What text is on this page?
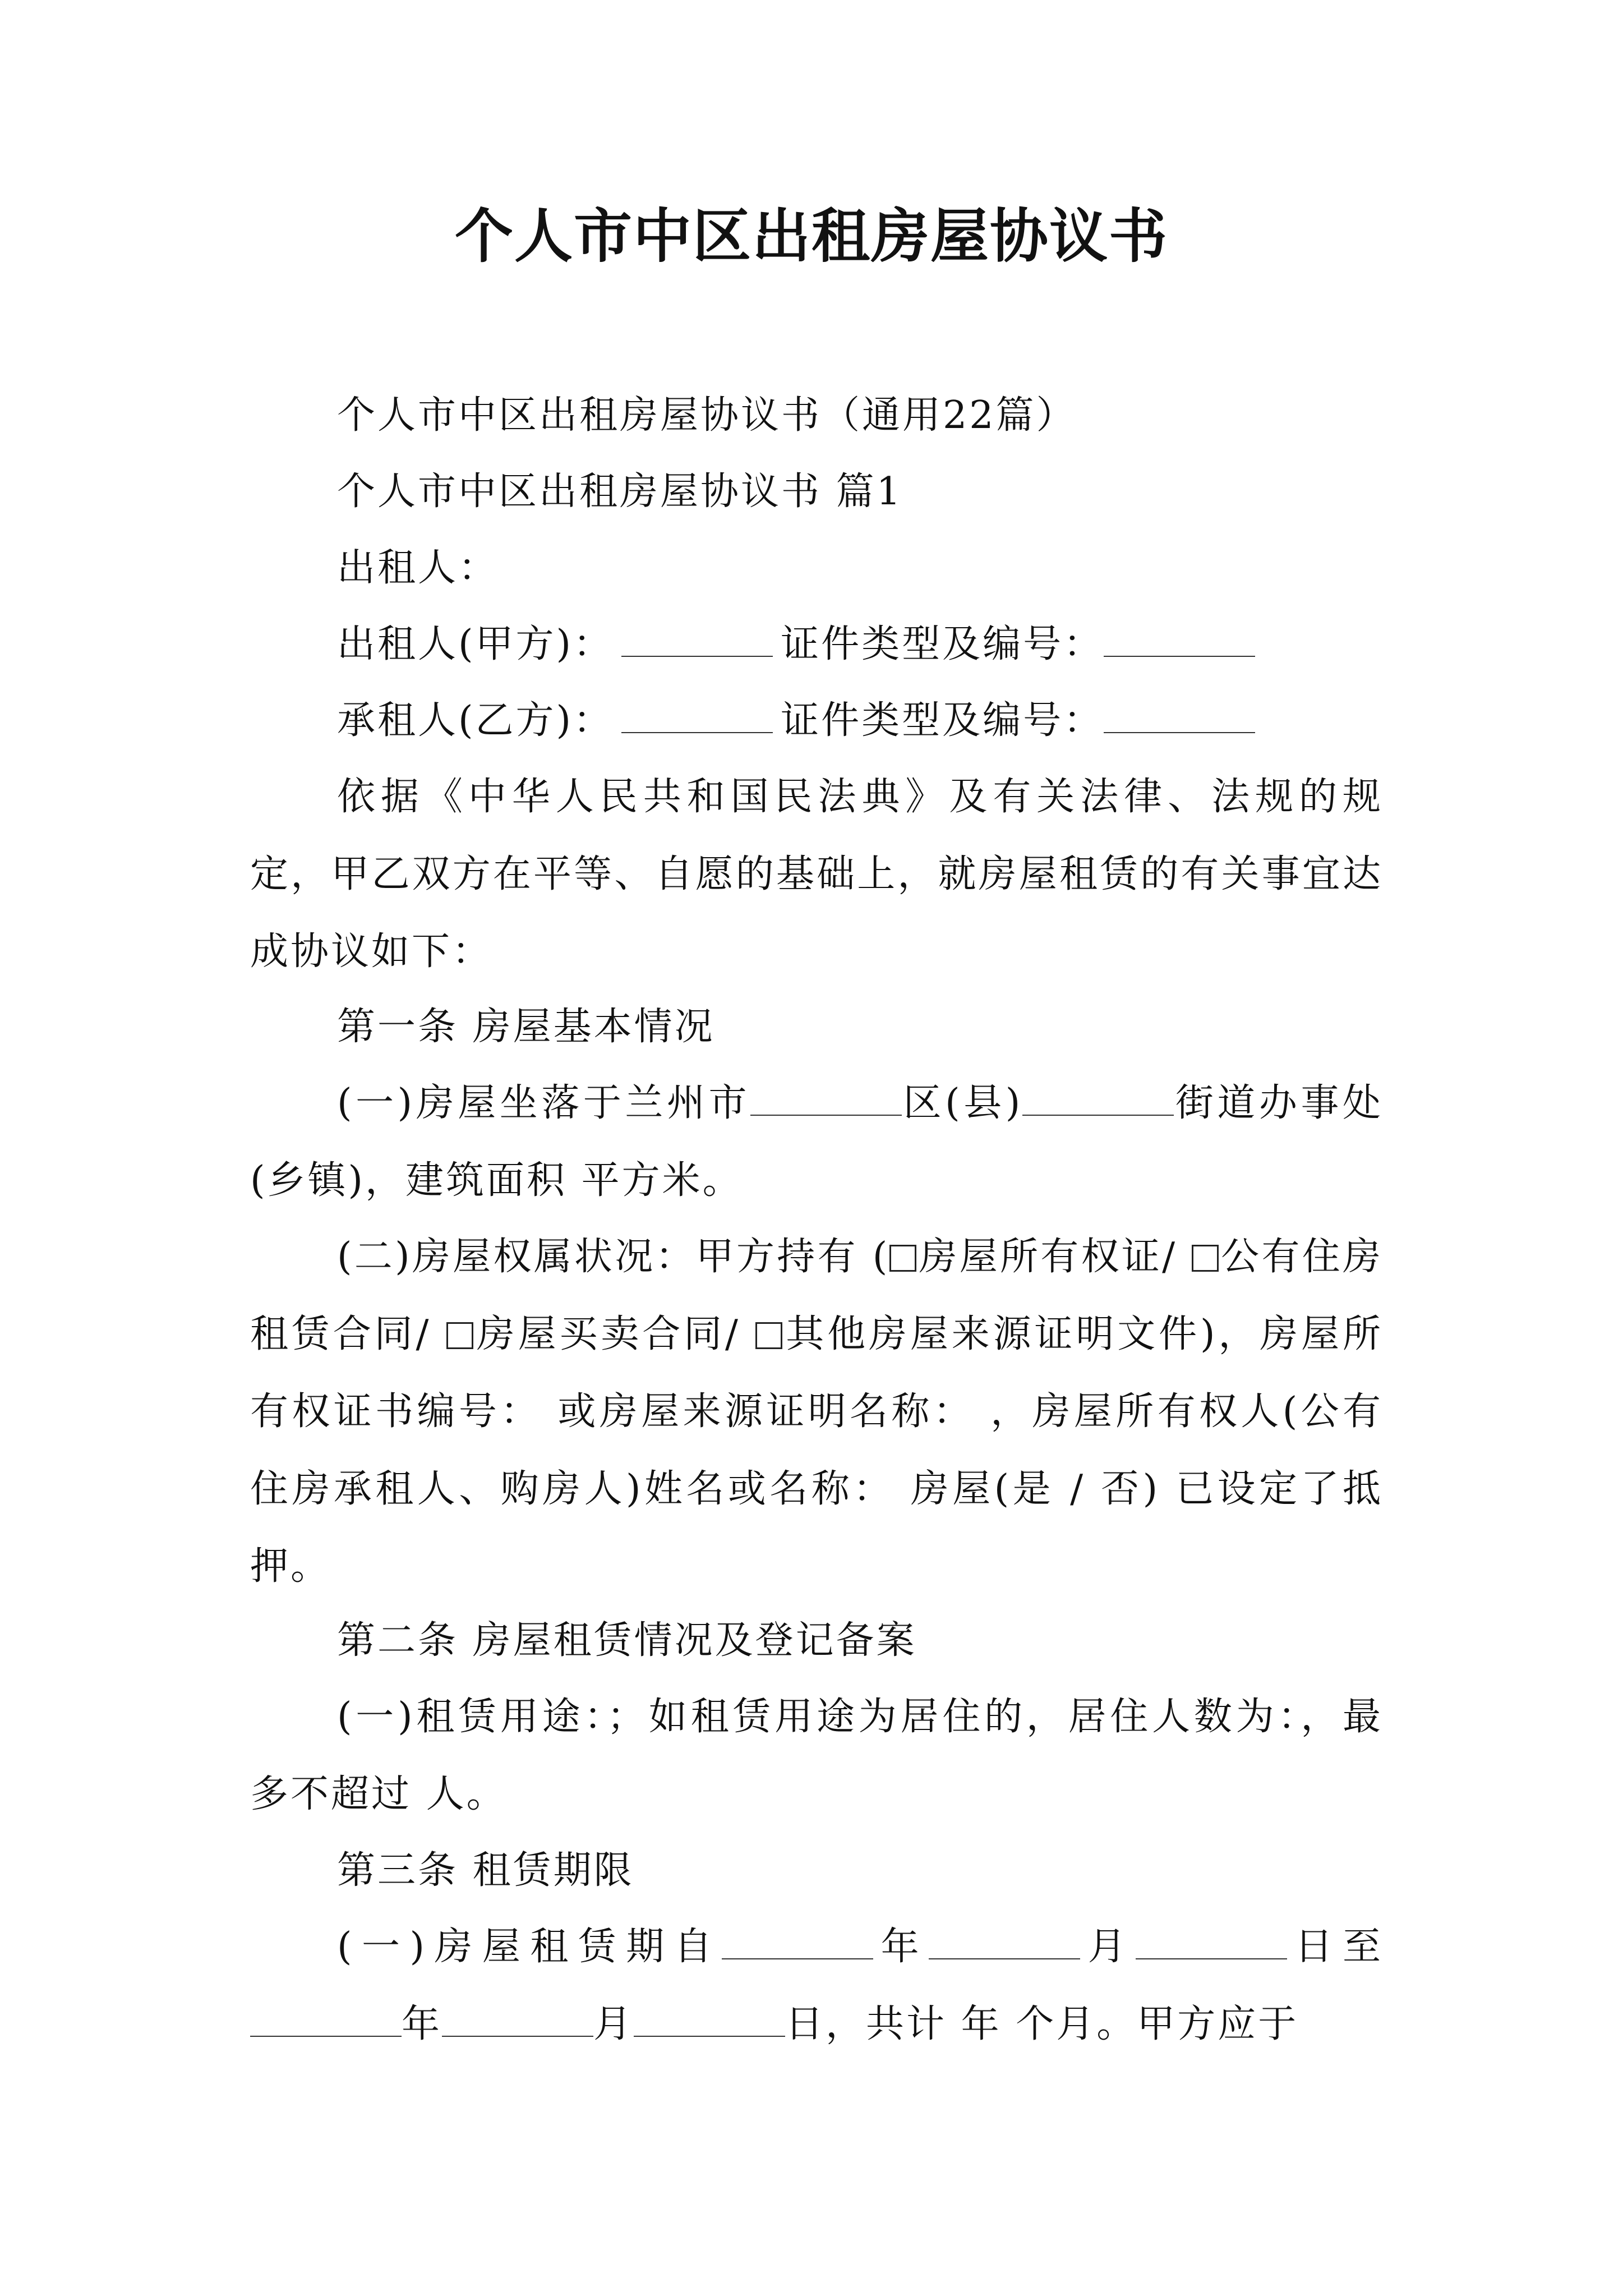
个人市中区出租房屋协议书
个人市中区出租房屋协议书（通用22篇）
个人市中区出租房屋协议书 篇1
出租人：
出租人(甲方)：	证件类型及编号：
承租人(乙方)：	证件类型及编号：

依据《中华人民共和国民法典》及有关法律、法规的规定，甲乙双方在平等、自愿的基础上，就房屋租赁的有关事宜达成协议如下：

第一条 房屋基本情况

(一)房屋坐落于兰州市	区(县)	街道办事处(乡镇)，建筑面积 平方米。

(二)房屋权属状况：甲方持有 ( 房屋所有权证/ 公有住房租赁合同/ 房屋买卖合同/ 其他房屋来源证明文件)，房屋所有权证书编号： 或房屋来源证明名称： ，房屋所有权人(公有住房承租人、购房人)姓名或名称： 房屋(是 / 否) 已设定了抵押。

第二条 房屋租赁情况及登记备案

(一)租赁用途：；如租赁用途为居住的，居住人数为：，最多不超过 人。

第三条 租赁期限

(一)房屋租赁期自	年	月	日至年	月	日，共计 年 个月。甲方应于
